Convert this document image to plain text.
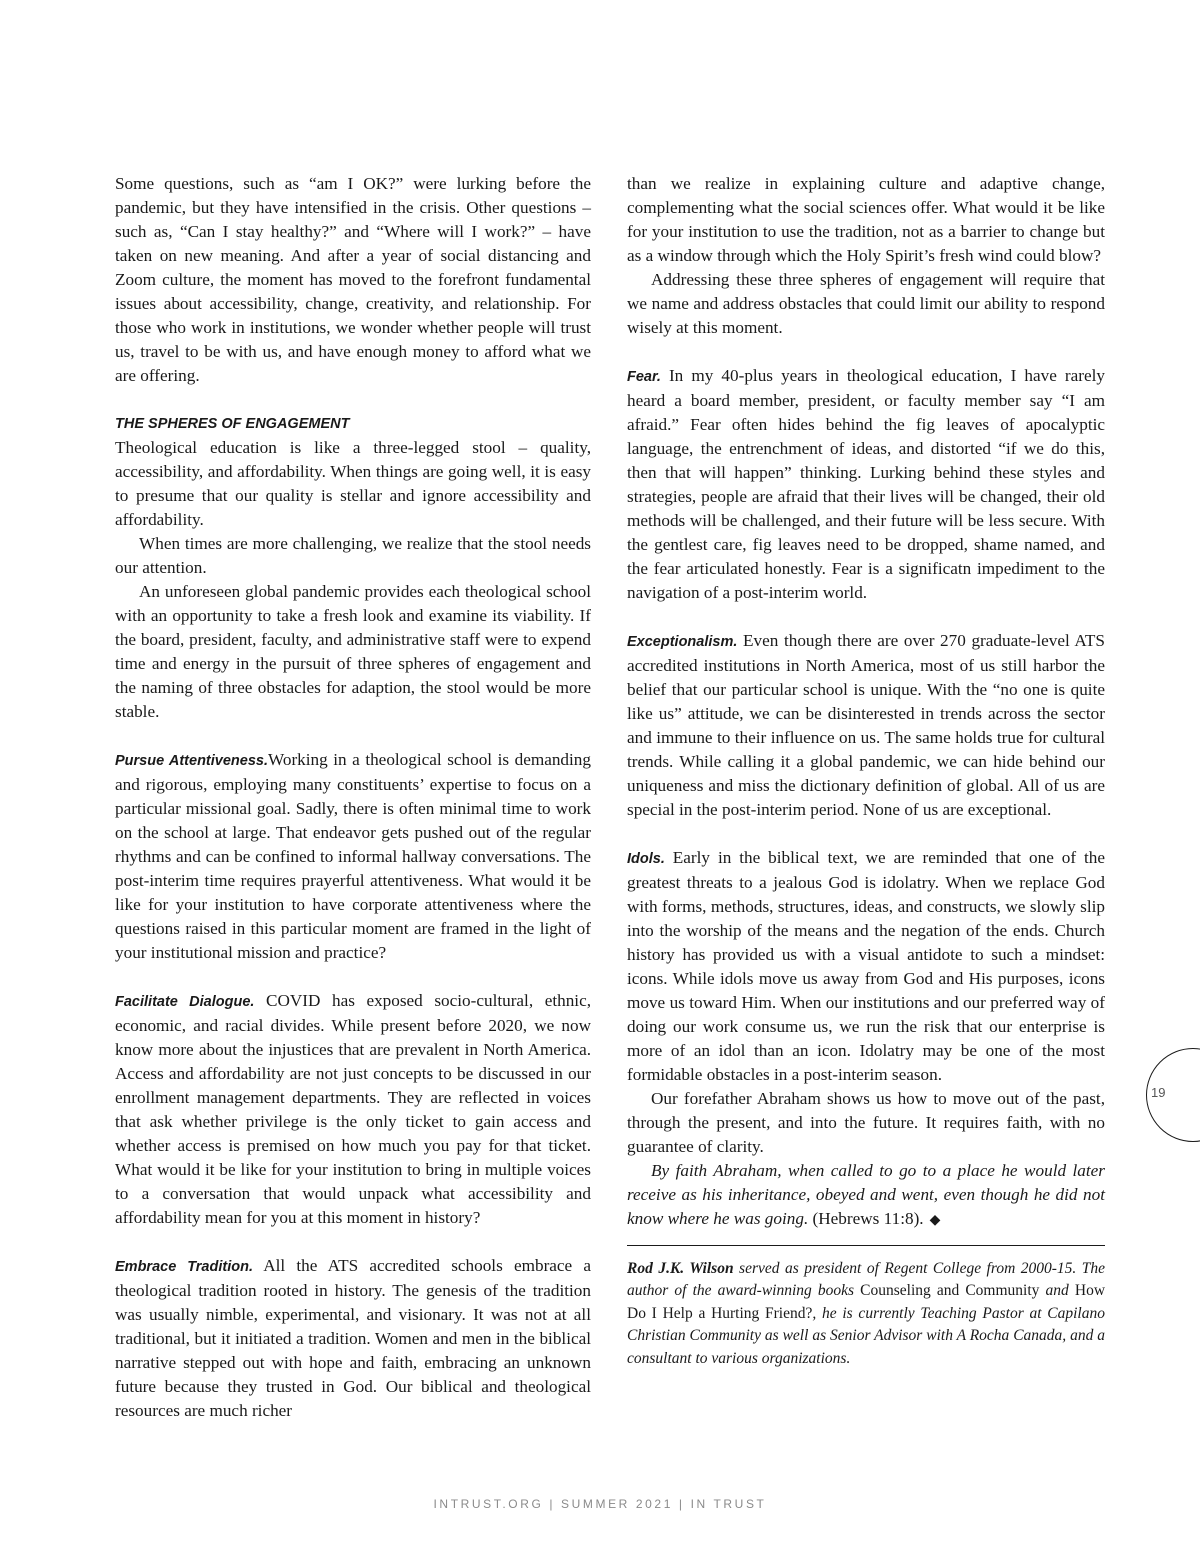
Some questions, such as “am I OK?” were lurking before the pandemic, but they have intensified in the crisis. Other questions – such as, “Can I stay healthy?” and “Where will I work?” – have taken on new meaning. And after a year of social distancing and Zoom culture, the moment has moved to the forefront fundamental issues about accessibility, change, creativity, and relationship. For those who work in institutions, we wonder whether people will trust us, travel to be with us, and have enough money to afford what we are offering.

THE SPHERES OF ENGAGEMENT

Theological education is like a three-legged stool – quality, accessibility, and affordability. When things are going well, it is easy to presume that our quality is stellar and ignore accessibility and affordability.

When times are more challenging, we realize that the stool needs our attention.

An unforeseen global pandemic provides each theological school with an opportunity to take a fresh look and examine its viability. If the board, president, faculty, and administrative staff were to expend time and energy in the pursuit of three spheres of engagement and the naming of three obstacles for adaption, the stool would be more stable.

Pursue Attentiveness.Working in a theological school is demanding and rigorous, employing many constituents’ expertise to focus on a particular missional goal. Sadly, there is often minimal time to work on the school at large. That endeavor gets pushed out of the regular rhythms and can be confined to informal hallway conversations. The post-interim time requires prayerful attentiveness. What would it be like for your institution to have corporate attentiveness where the questions raised in this particular moment are framed in the light of your institutional mission and practice?

Facilitate Dialogue. COVID has exposed socio-cultural, ethnic, economic, and racial divides. While present before 2020, we now know more about the injustices that are prevalent in North America. Access and affordability are not just concepts to be discussed in our enrollment management departments. They are reflected in voices that ask whether privilege is the only ticket to gain access and whether access is premised on how much you pay for that ticket. What would it be like for your institution to bring in multiple voices to a conversation that would unpack what accessibility and affordability mean for you at this moment in history?

Embrace Tradition. All the ATS accredited schools embrace a theological tradition rooted in history. The genesis of the tradition was usually nimble, experimental, and visionary. It was not at all traditional, but it initiated a tradition. Women and men in the biblical narrative stepped out with hope and faith, embracing an unknown future because they trusted in God. Our biblical and theological resources are much richer

than we realize in explaining culture and adaptive change, complementing what the social sciences offer. What would it be like for your institution to use the tradition, not as a barrier to change but as a window through which the Holy Spirit’s fresh wind could blow?

Addressing these three spheres of engagement will require that we name and address obstacles that could limit our ability to respond wisely at this moment.

Fear. In my 40-plus years in theological education, I have rarely heard a board member, president, or faculty member say “I am afraid.” Fear often hides behind the fig leaves of apocalyptic language, the entrenchment of ideas, and distorted “if we do this, then that will happen” thinking. Lurking behind these styles and strategies, people are afraid that their lives will be changed, their old methods will be challenged, and their future will be less secure. With the gentlest care, fig leaves need to be dropped, shame named, and the fear articulated honestly. Fear is a significatn impediment to the navigation of a post-interim world.

Exceptionalism. Even though there are over 270 graduate-level ATS accredited institutions in North America, most of us still harbor the belief that our particular school is unique. With the “no one is quite like us” attitude, we can be disinterested in trends across the sector and immune to their influence on us. The same holds true for cultural trends. While calling it a global pandemic, we can hide behind our uniqueness and miss the dictionary definition of global. All of us are special in the post-interim period. None of us are exceptional.

Idols. Early in the biblical text, we are reminded that one of the greatest threats to a jealous God is idolatry. When we replace God with forms, methods, structures, ideas, and constructs, we slowly slip into the worship of the means and the negation of the ends. Church history has provided us with a visual antidote to such a mindset: icons. While idols move us away from God and His purposes, icons move us toward Him. When our institutions and our preferred way of doing our work consume us, we run the risk that our enterprise is more of an idol than an icon. Idolatry may be one of the most formidable obstacles in a post-interim season.

Our forefather Abraham shows us how to move out of the past, through the present, and into the future. It requires faith, with no guarantee of clarity.

By faith Abraham, when called to go to a place he would later receive as his inheritance, obeyed and went, even though he did not know where he was going. (Hebrews 11:8). ◆

Rod J.K. Wilson served as president of Regent College from 2000-15. The author of the award-winning books Counseling and Community and How Do I Help a Hurting Friend?, he is currently Teaching Pastor at Capilano Christian Community as well as Senior Advisor with A Rocha Canada, and a consultant to various organizations.

19
INTRUST.ORG | SUMMER 2021 | IN TRUST
